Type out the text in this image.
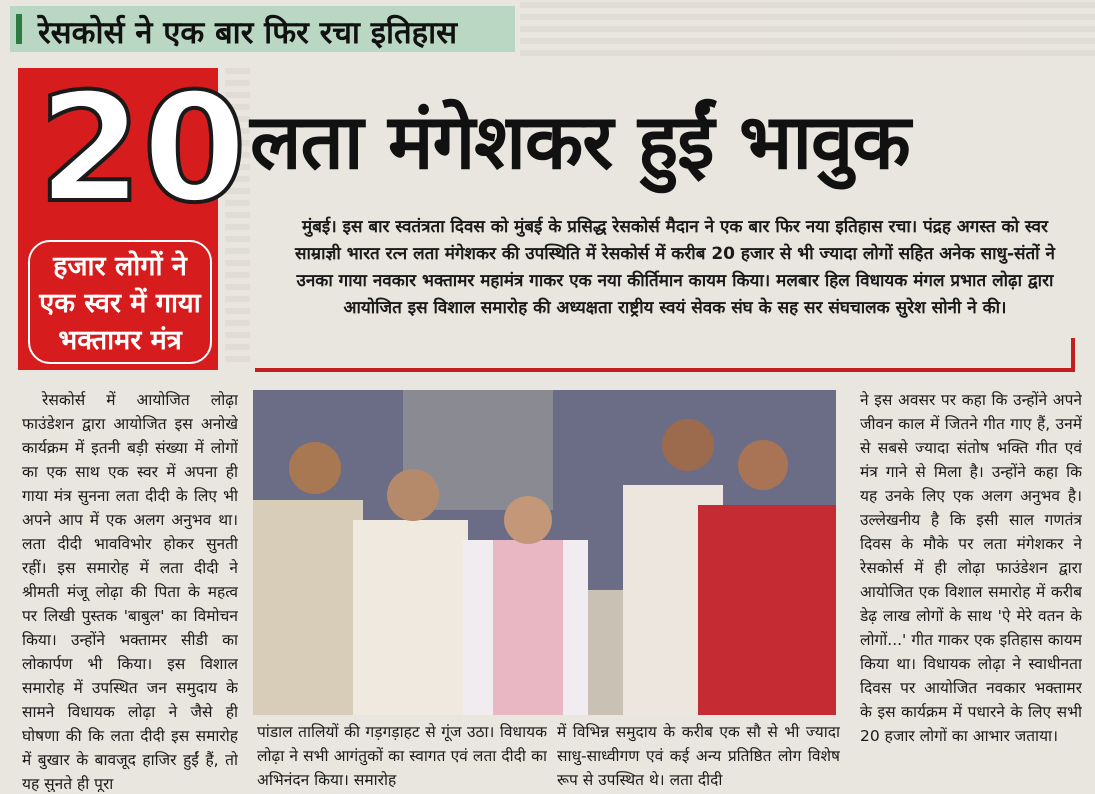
रेसकोर्स ने एक बार फिर रचा इतिहास
20
हजार लोगों ने एक स्वर में गाया भक्तामर मंत्र
लता मंगेशकर हुईं भावुक
मुंबई। इस बार स्वतंत्रता दिवस को मुंबई के प्रसिद्ध रेसकोर्स मैदान ने एक बार फिर नया इतिहास रचा। पंद्रह अगस्त को स्वर साम्राज्ञी भारत रत्न लता मंगेशकर की उपस्थिति में रेसकोर्स में करीब 20 हजार से भी ज्यादा लोगों सहित अनेक साधु-संतों ने उनका गाया नवकार भक्तामर महामंत्र गाकर एक नया कीर्तिमान कायम किया। मलबार हिल विधायक मंगल प्रभात लोढ़ा द्वारा आयोजित इस विशाल समारोह की अध्यक्षता राष्ट्रीय स्वयं सेवक संघ के सह सर संघचालक सुरेश सोनी ने की।
रेसकोर्स में आयोजित लोढ़ा फाउंडेशन द्वारा आयोजित इस अनोखे कार्यक्रम में इतनी बड़ी संख्या में लोगों का एक साथ एक स्वर में अपना ही गाया मंत्र सुनना लता दीदी के लिए भी अपने आप में एक अलग अनुभव था। लता दीदी भावविभोर होकर सुनती रहीं। इस समारोह में लता दीदी ने श्रीमती मंजू लोढ़ा की पिता के महत्व पर लिखी पुस्तक 'बाबुल' का विमोचन किया। उन्होंने भक्तामर सीडी का लोकार्पण भी किया। इस विशाल समारोह में उपस्थित जन समुदाय के सामने विधायक लोढ़ा ने जैसे ही घोषणा की कि लता दीदी इस समारोह में बुखार के बावजूद हाजिर हुईं हैं, तो यह सुनते ही पूरा
पांडाल तालियों की गड़गड़ाहट से गूंज उठा। विधायक लोढ़ा ने सभी आगंतुकों का स्वागत एवं लता दीदी का अभिनंदन किया। समारोह
में विभिन्न समुदाय के करीब एक सौ से भी ज्यादा साधु-साध्वीगण एवं कई अन्य प्रतिष्ठित लोग विशेष रूप से उपस्थित थे। लता दीदी
ने इस अवसर पर कहा कि उन्होंने अपने जीवन काल में जितने गीत गाए हैं, उनमें से सबसे ज्यादा संतोष भक्ति गीत एवं मंत्र गाने से मिला है। उन्होंने कहा कि यह उनके लिए एक अलग अनुभव है। उल्लेखनीय है कि इसी साल गणतंत्र दिवस के मौके पर लता मंगेशकर ने रेसकोर्स में ही लोढ़ा फाउंडेशन द्वारा आयोजित एक विशाल समारोह में करीब डेढ़ लाख लोगों के साथ 'ऐ मेरे वतन के लोगों...' गीत गाकर एक इतिहास कायम किया था। विधायक लोढ़ा ने स्वाधीनता दिवस पर आयोजित नवकार भक्तामर के इस कार्यक्रम में पधारने के लिए सभी 20 हजार लोगों का आभार जताया।
